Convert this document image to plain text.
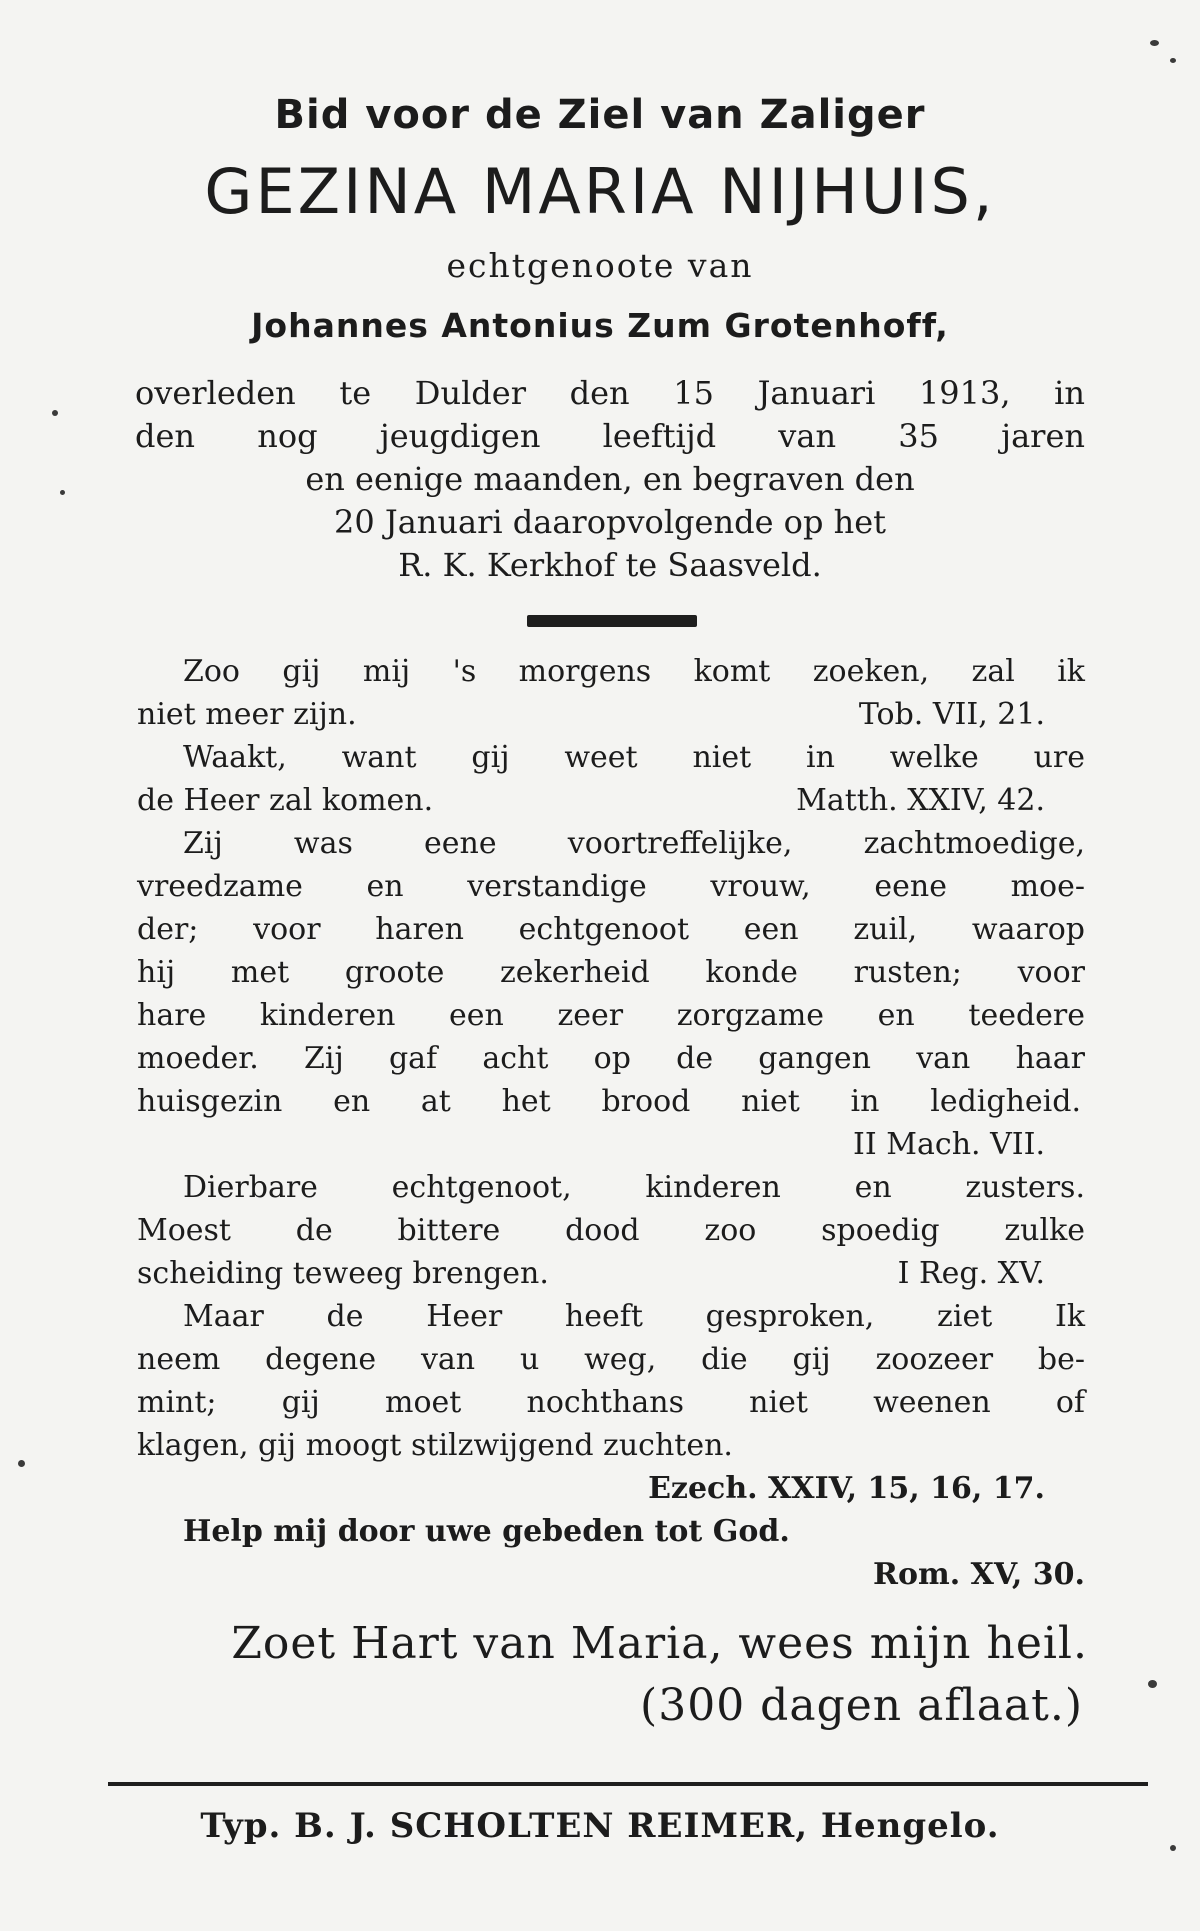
Bid voor de Ziel van Zaliger

GEZINA MARIA NIJHUIS,

echtgenoote van

Johannes Antonius Zum Grotenhoff,

overleden te Dulder den 15 Januari 1913, in
den nog jeugdigen leeftijd van 35 jaren
en eenige maanden, en begraven den
20 Januari daaropvolgende op het
R. K. Kerkhof te Saasveld.

Zoo gij mij 's morgens komt zoeken, zal ik
niet meer zijn.	Tob. VII, 21.
Waakt, want gij weet niet in welke ure
de Heer zal komen.	Matth. XXIV, 42.
Zij was eene voortreffelijke, zachtmoedige,
vreedzame en verstandige vrouw, eene moe-
der; voor haren echtgenoot een zuil, waarop
hij met groote zekerheid konde rusten; voor
hare kinderen een zeer zorgzame en teedere
moeder. Zij gaf acht op de gangen van haar
huisgezin en at het brood niet in ledigheid.
II Mach. VII.
Dierbare echtgenoot, kinderen en zusters.
Moest de bittere dood zoo spoedig zulke
scheiding teweeg brengen.	I Reg. XV.
Maar de Heer heeft gesproken, ziet Ik
neem degene van u weg, die gij zoozeer be-
mint; gij moet nochthans niet weenen of
klagen, gij moogt stilzwijgend zuchten.
Ezech. XXIV, 15, 16, 17.
Help mij door uwe gebeden tot God.
Rom. XV, 30.

Zoet Hart van Maria, wees mijn heil.

(300 dagen aflaat.)

Typ. B. J. SCHOLTEN REIMER, Hengelo.
